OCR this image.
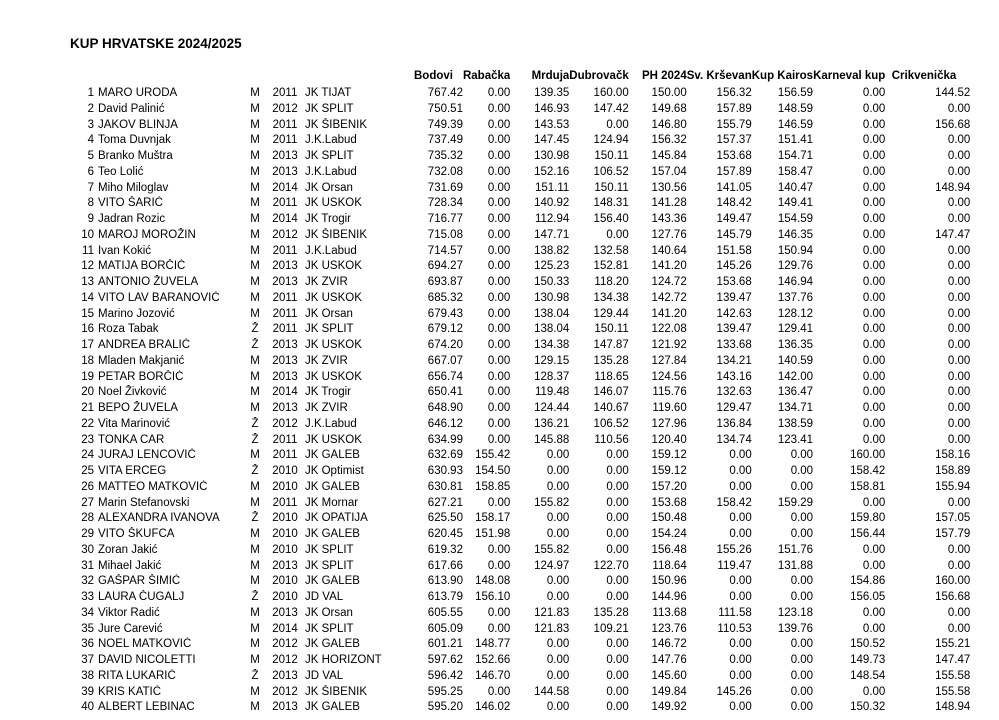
KUP HRVATSKE 2024/2025
					Bodovi	Rabačka	Mrduja	Dubrovačk	PH 2024	Sv. Krševan	Kup Kairos	Karneval kup	Crikvenička
1	MARO URODA	M	2011	JK TIJAT	767.42	0.00	139.35	160.00	150.00	156.32	156.59	0.00	144.52
2	David Palinić	M	2012	JK SPLIT	750.51	0.00	146.93	147.42	149.68	157.89	148.59	0.00	0.00
3	JAKOV BLINJA	M	2011	JK ŠIBENIK	749.39	0.00	143.53	0.00	146.80	155.79	146.59	0.00	156.68
4	Toma Duvnjak	M	2011	J.K.Labud	737.49	0.00	147.45	124.94	156.32	157.37	151.41	0.00	0.00
5	Branko Muštra	M	2013	JK SPLIT	735.32	0.00	130.98	150.11	145.84	153.68	154.71	0.00	0.00
6	Teo Lolić	M	2013	J.K.Labud	732.08	0.00	152.16	106.52	157.04	157.89	158.47	0.00	0.00
7	Miho Miloglav	M	2014	JK Orsan	731.69	0.00	151.11	150.11	130.56	141.05	140.47	0.00	148.94
8	VITO ŠARIĆ	M	2011	JK USKOK	728.34	0.00	140.92	148.31	141.28	148.42	149.41	0.00	0.00
9	Jadran Rozic	M	2014	JK Trogir	716.77	0.00	112.94	156.40	143.36	149.47	154.59	0.00	0.00
10	MAROJ MOROŽIN	M	2012	JK ŠIBENIK	715.08	0.00	147.71	0.00	127.76	145.79	146.35	0.00	147.47
11	Ivan Kokić	M	2011	J.K.Labud	714.57	0.00	138.82	132.58	140.64	151.58	150.94	0.00	0.00
12	MATIJA BORČIĆ	M	2013	JK USKOK	694.27	0.00	125.23	152.81	141.20	145.26	129.76	0.00	0.00
13	ANTONIO ŽUVELA	M	2013	JK ZVIR	693.87	0.00	150.33	118.20	124.72	153.68	146.94	0.00	0.00
14	VITO LAV BARANOVIĆ	M	2011	JK USKOK	685.32	0.00	130.98	134.38	142.72	139.47	137.76	0.00	0.00
15	Marino Jozović	M	2011	JK Orsan	679.43	0.00	138.04	129.44	141.20	142.63	128.12	0.00	0.00
16	Roza Tabak	Ž	2011	JK SPLIT	679.12	0.00	138.04	150.11	122.08	139.47	129.41	0.00	0.00
17	ANDREA BRALIĆ	Ž	2013	JK USKOK	674.20	0.00	134.38	147.87	121.92	133.68	136.35	0.00	0.00
18	Mladen Makjanić	M	2013	JK ZVIR	667.07	0.00	129.15	135.28	127.84	134.21	140.59	0.00	0.00
19	PETAR BORČIĆ	M	2013	JK USKOK	656.74	0.00	128.37	118.65	124.56	143.16	142.00	0.00	0.00
20	Noel Živković	M	2014	JK Trogir	650.41	0.00	119.48	146.07	115.76	132.63	136.47	0.00	0.00
21	BEPO ŽUVELA	M	2013	JK ZVIR	648.90	0.00	124.44	140.67	119.60	129.47	134.71	0.00	0.00
22	Vita Marinović	Ž	2012	J.K.Labud	646.12	0.00	136.21	106.52	127.96	136.84	138.59	0.00	0.00
23	TONKA CAR	Ž	2011	JK USKOK	634.99	0.00	145.88	110.56	120.40	134.74	123.41	0.00	0.00
24	JURAJ LENCOVIĆ	M	2011	JK GALEB	632.69	155.42	0.00	0.00	159.12	0.00	0.00	160.00	158.16
25	VITA ERCEG	Ž	2010	JK Optimist	630.93	154.50	0.00	0.00	159.12	0.00	0.00	158.42	158.89
26	MATTEO MATKOVIĆ	M	2010	JK GALEB	630.81	158.85	0.00	0.00	157.20	0.00	0.00	158.81	155.94
27	Marin Stefanovski	M	2011	JK Mornar	627.21	0.00	155.82	0.00	153.68	158.42	159.29	0.00	0.00
28	ALEXANDRA IVANOVA	Ž	2010	JK OPATIJA	625.50	158.17	0.00	0.00	150.48	0.00	0.00	159.80	157.05
29	VITO ŠKUFCA	M	2010	JK GALEB	620.45	151.98	0.00	0.00	154.24	0.00	0.00	156.44	157.79
30	Zoran Jakić	M	2010	JK SPLIT	619.32	0.00	155.82	0.00	156.48	155.26	151.76	0.00	0.00
31	Mihael Jakić	M	2013	JK SPLIT	617.66	0.00	124.97	122.70	118.64	119.47	131.88	0.00	0.00
32	GAŠPAR ŠIMIĆ	M	2010	JK GALEB	613.90	148.08	0.00	0.00	150.96	0.00	0.00	154.86	160.00
33	LAURA ČUGALJ	Ž	2010	JD VAL	613.79	156.10	0.00	0.00	144.96	0.00	0.00	156.05	156.68
34	Viktor Radić	M	2013	JK Orsan	605.55	0.00	121.83	135.28	113.68	111.58	123.18	0.00	0.00
35	Jure Carević	M	2014	JK SPLIT	605.09	0.00	121.83	109.21	123.76	110.53	139.76	0.00	0.00
36	NOEL MATKOVIĆ	M	2012	JK GALEB	601.21	148.77	0.00	0.00	146.72	0.00	0.00	150.52	155.21
37	DAVID NICOLETTI	M	2012	JK HORIZONT	597.62	152.66	0.00	0.00	147.76	0.00	0.00	149.73	147.47
38	RITA LUKARIĆ	Ž	2013	JD VAL	596.42	146.70	0.00	0.00	145.60	0.00	0.00	148.54	155.58
39	KRIS KATIĆ	M	2012	JK ŠIBENIK	595.25	0.00	144.58	0.00	149.84	145.26	0.00	0.00	155.58
40	ALBERT LEBINAC	M	2013	JK GALEB	595.20	146.02	0.00	0.00	149.92	0.00	0.00	150.32	148.94
